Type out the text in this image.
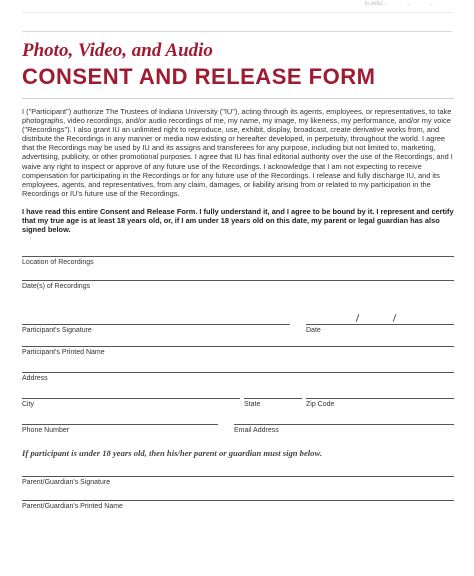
iu.edu/...	...	...
Photo, Video, and Audio
CONSENT AND RELEASE FORM

I ("Participant") authorize The Trustees of Indiana University ("IU"), acting through its agents, employees, or representatives, to take photographs, video recordings, and/or audio recordings of me, my name, my image, my likeness, my performance, and/or my voice ("Recordings"). I also grant IU an unlimited right to reproduce, use, exhibit, display, broadcast, create derivative works from, and distribute the Recordings in any manner or media now existing or hereafter developed, in perpetuity, throughout the world. I agree that the Recordings may be used by IU and its assigns and transferees for any purpose, including but not limited to, marketing, advertising, publicity, or other promotional purposes. I agree that IU has final editorial authority over the use of the Recordings, and I waive any right to inspect or approve of any future use of the Recordings. I acknowledge that I am not expecting to receive compensation for participating in the Recordings or for any future use of the Recordings. I release and fully discharge IU, and its employees, agents, and representatives, from any claim, damages, or liability arising from or related to my participation in the Recordings or IU's future use of the Recordings.

I have read this entire Consent and Release Form. I fully understand it, and I agree to be bound by it. I represent and certify that my true age is at least 18 years old, or, if I am under 18 years old on this date, my parent or legal guardian has also signed below.

Location of Recordings
Date(s) of Recordings
Participant's Signature	Date
Participant's Printed Name
Address
City	State	Zip Code
Phone Number	Email Address
If participant is under 18 years old, then his/her parent or guardian must sign below.
Parent/Guardian's Signature
Parent/Guardian's Printed Name
